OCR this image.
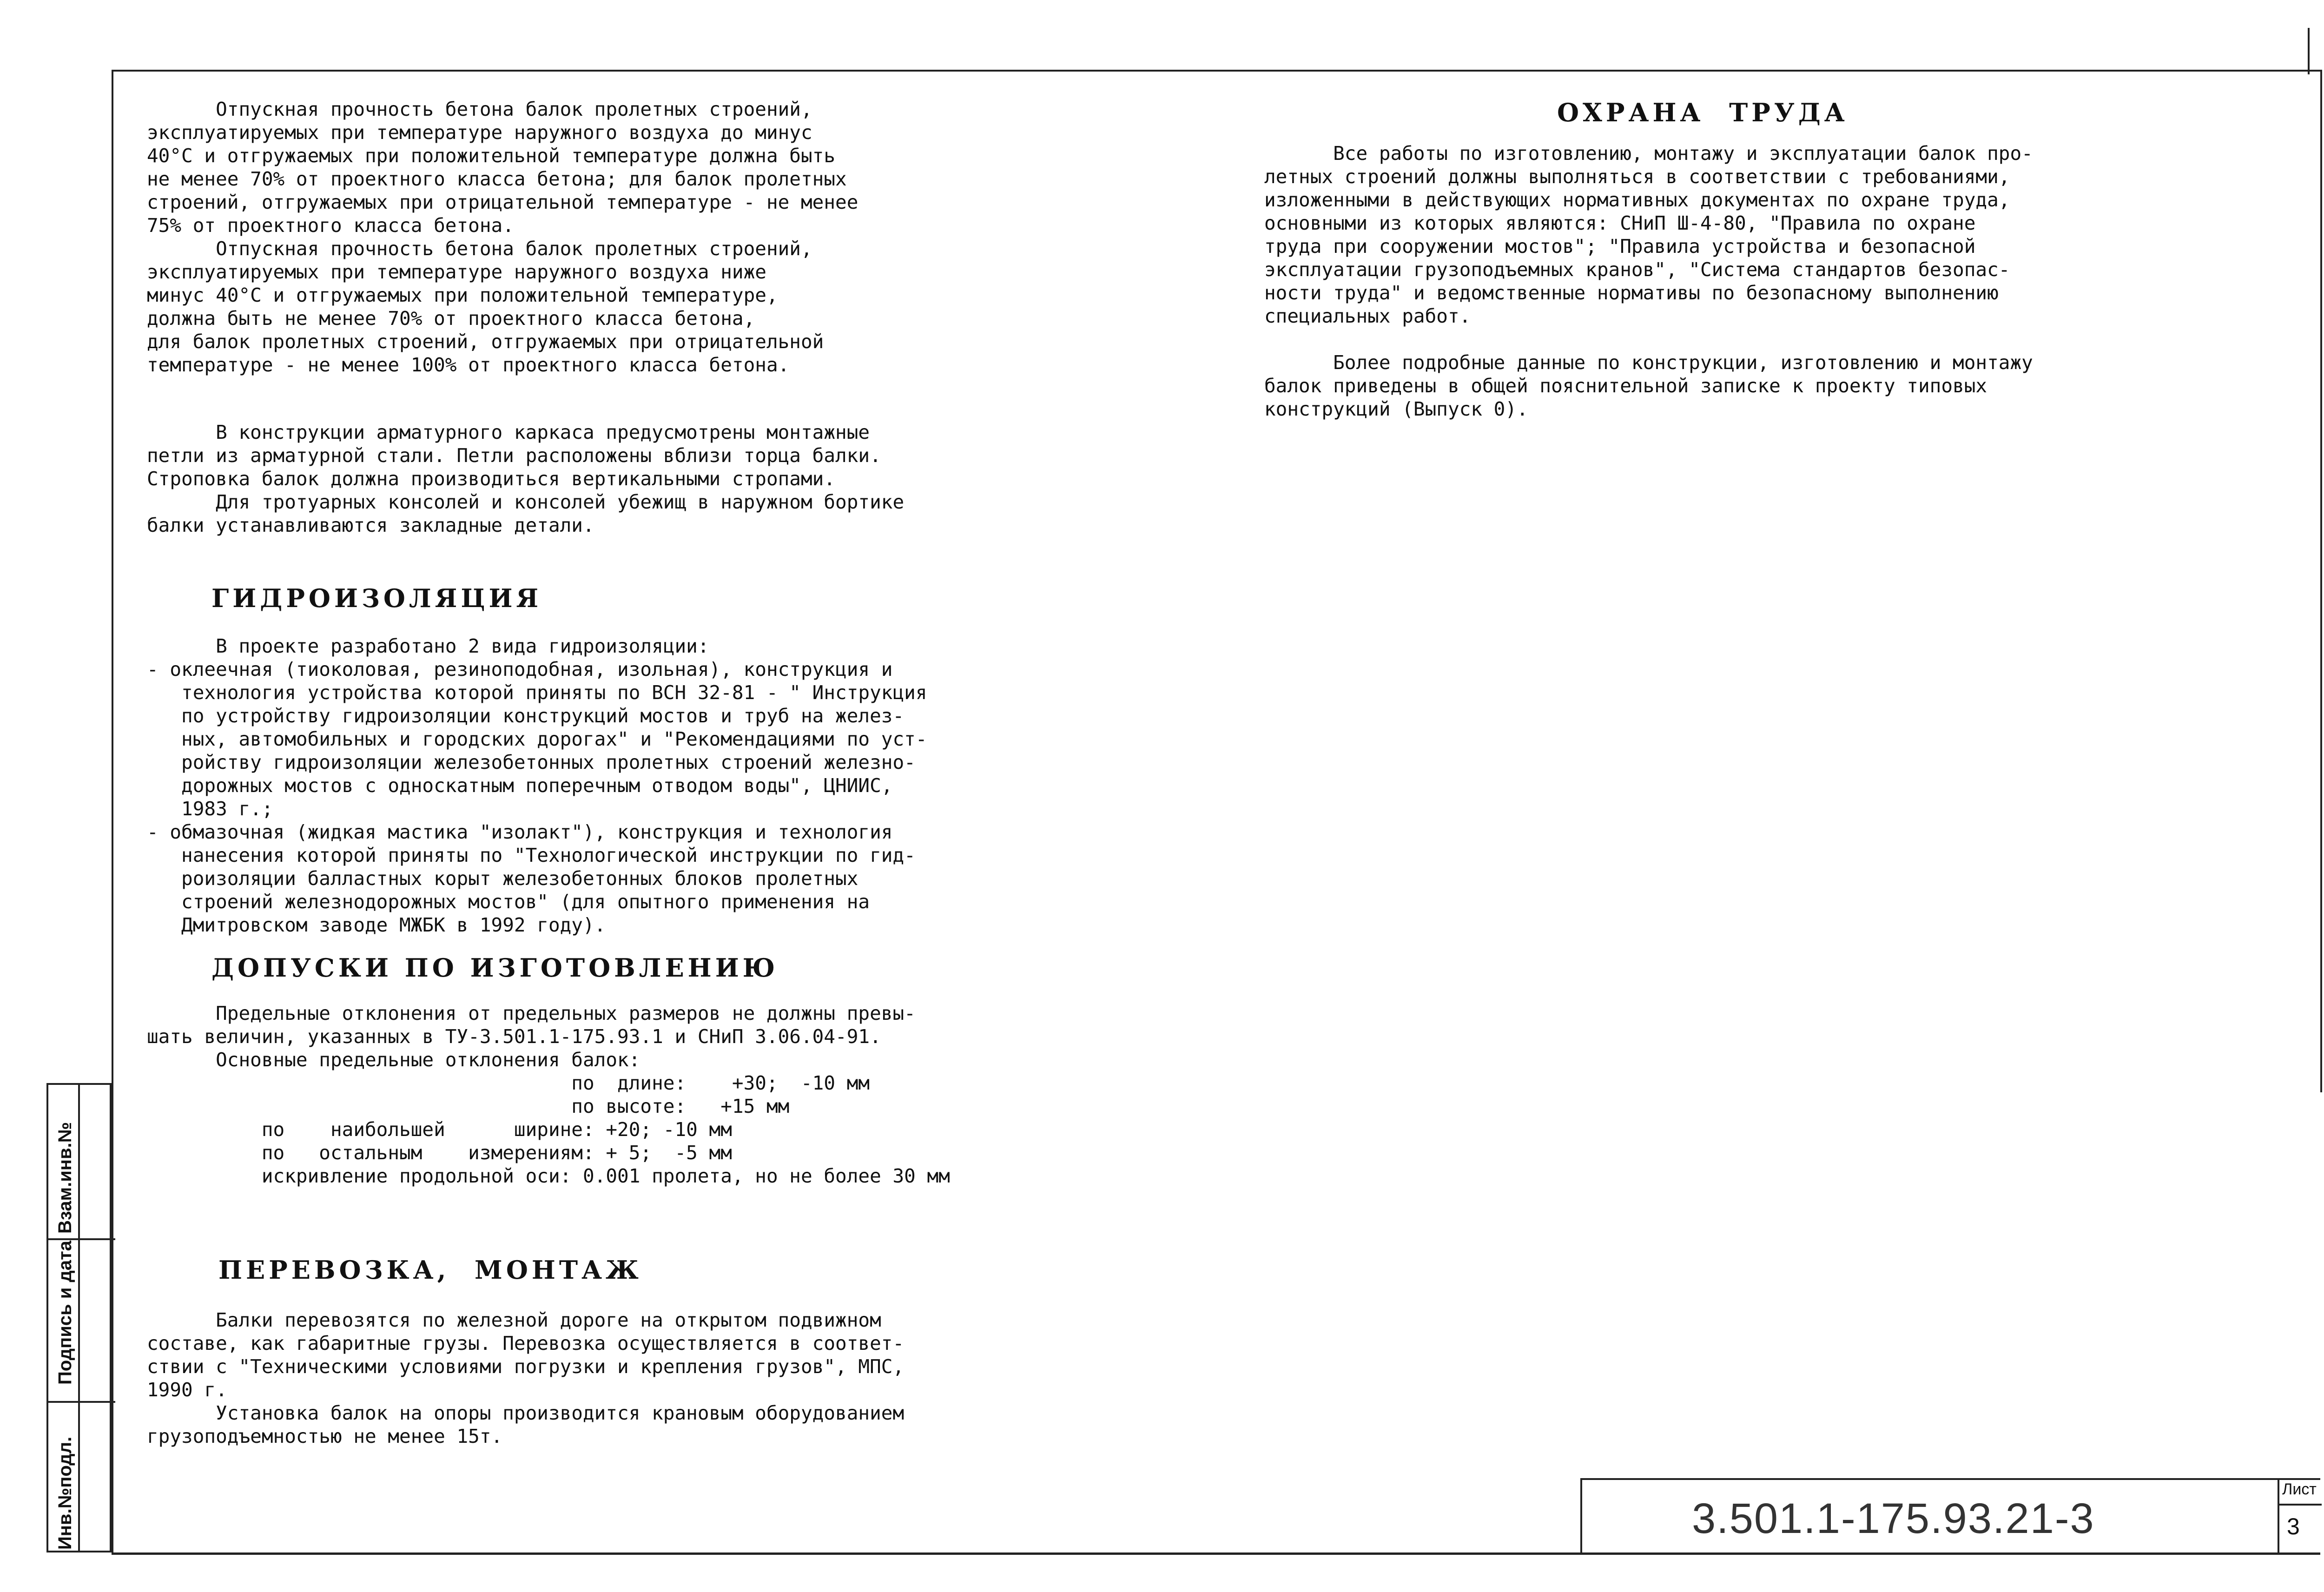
Отпускная прочность бетона балок пролетных строений,
эксплуатируемых при температуре наружного воздуха до минус
40°С и отгружаемых при положительной температуре должна быть
не менее 70% от проектного класса бетона; для балок пролетных
строений, отгружаемых при отрицательной температуре - не менее
75% от проектного класса бетона.
Отпускная прочность бетона балок пролетных строений,
эксплуатируемых при температуре наружного воздуха ниже
минус 40°С и отгружаемых при положительной температуре,
должна быть не менее 70% от проектного класса бетона,
для балок пролетных строений, отгружаемых при отрицательной
температуре - не менее 100% от проектного класса бетона.
В конструкции арматурного каркаса предусмотрены монтажные
петли из арматурной стали. Петли расположены вблизи торца балки.
Строповка балок должна производиться вертикальными стропами.
Для тротуарных консолей и консолей убежищ в наружном бортике
балки устанавливаются закладные детали.
ГИДРОИЗОЛЯЦИЯ
В проекте разработано 2 вида гидроизоляции:
- оклеечная (тиоколовая, резиноподобная, изольная), конструкция и
технология устройства которой приняты по ВСН 32-81 - " Инструкция
по устройству гидроизоляции конструкций мостов и труб на желез-
ных, автомобильных и городских дорогах" и "Рекомендациями по уст-
ройству гидроизоляции железобетонных пролетных строений железно-
дорожных мостов с односкатным поперечным отводом воды", ЦНИИС,
1983 г.;
- обмазочная (жидкая мастика "изолакт"), конструкция и технология
нанесения которой приняты по "Технологической инструкции по гид-
роизоляции балластных корыт железобетонных блоков пролетных
строений железнодорожных мостов" (для опытного применения на
Дмитровском заводе МЖБК в 1992 году).
ДОПУСКИ ПО ИЗГОТОВЛЕНИЮ
Предельные отклонения от предельных размеров не должны превы-
шать величин, указанных в ТУ-3.501.1-175.93.1 и СНиП 3.06.04-91.
Основные предельные отклонения балок:
по  длине:    +30;  -10 мм
по высоте:   +15 мм
по    наибольшей      ширине: +20; -10 мм
по   остальным    измерениям: + 5;  -5 мм
искривление продольной оси: 0.001 пролета, но не более 30 мм
ПЕРЕВОЗКА,  МОНТАЖ
Балки перевозятся по железной дороге на открытом подвижном
составе, как габаритные грузы. Перевозка осуществляется в соответ-
ствии с "Техническими условиями погрузки и крепления грузов", МПС,
1990 г.
Установка балок на опоры производится крановым оборудованием
грузоподъемностью не менее 15т.
ОХРАНА  ТРУДА
Все работы по изготовлению, монтажу и эксплуатации балок про-
летных строений должны выполняться в соответствии с требованиями,
изложенными в действующих нормативных документах по охране труда,
основными из которых являются: СНиП Ш-4-80, "Правила по охране
труда при сооружении мостов"; "Правила устройства и безопасной
эксплуатации грузоподъемных кранов", "Система стандартов безопас-
ности труда" и ведомственные нормативы по безопасному выполнению
специальных работ.
Более подробные данные по конструкции, изготовлению и монтажу
балок приведены в общей пояснительной записке к проекту типовых
конструкций (Выпуск 0).
Инв.№подл.
Подпись и дата
Взам.инв.№
3.501.1-175.93.21-3
Лист
3
